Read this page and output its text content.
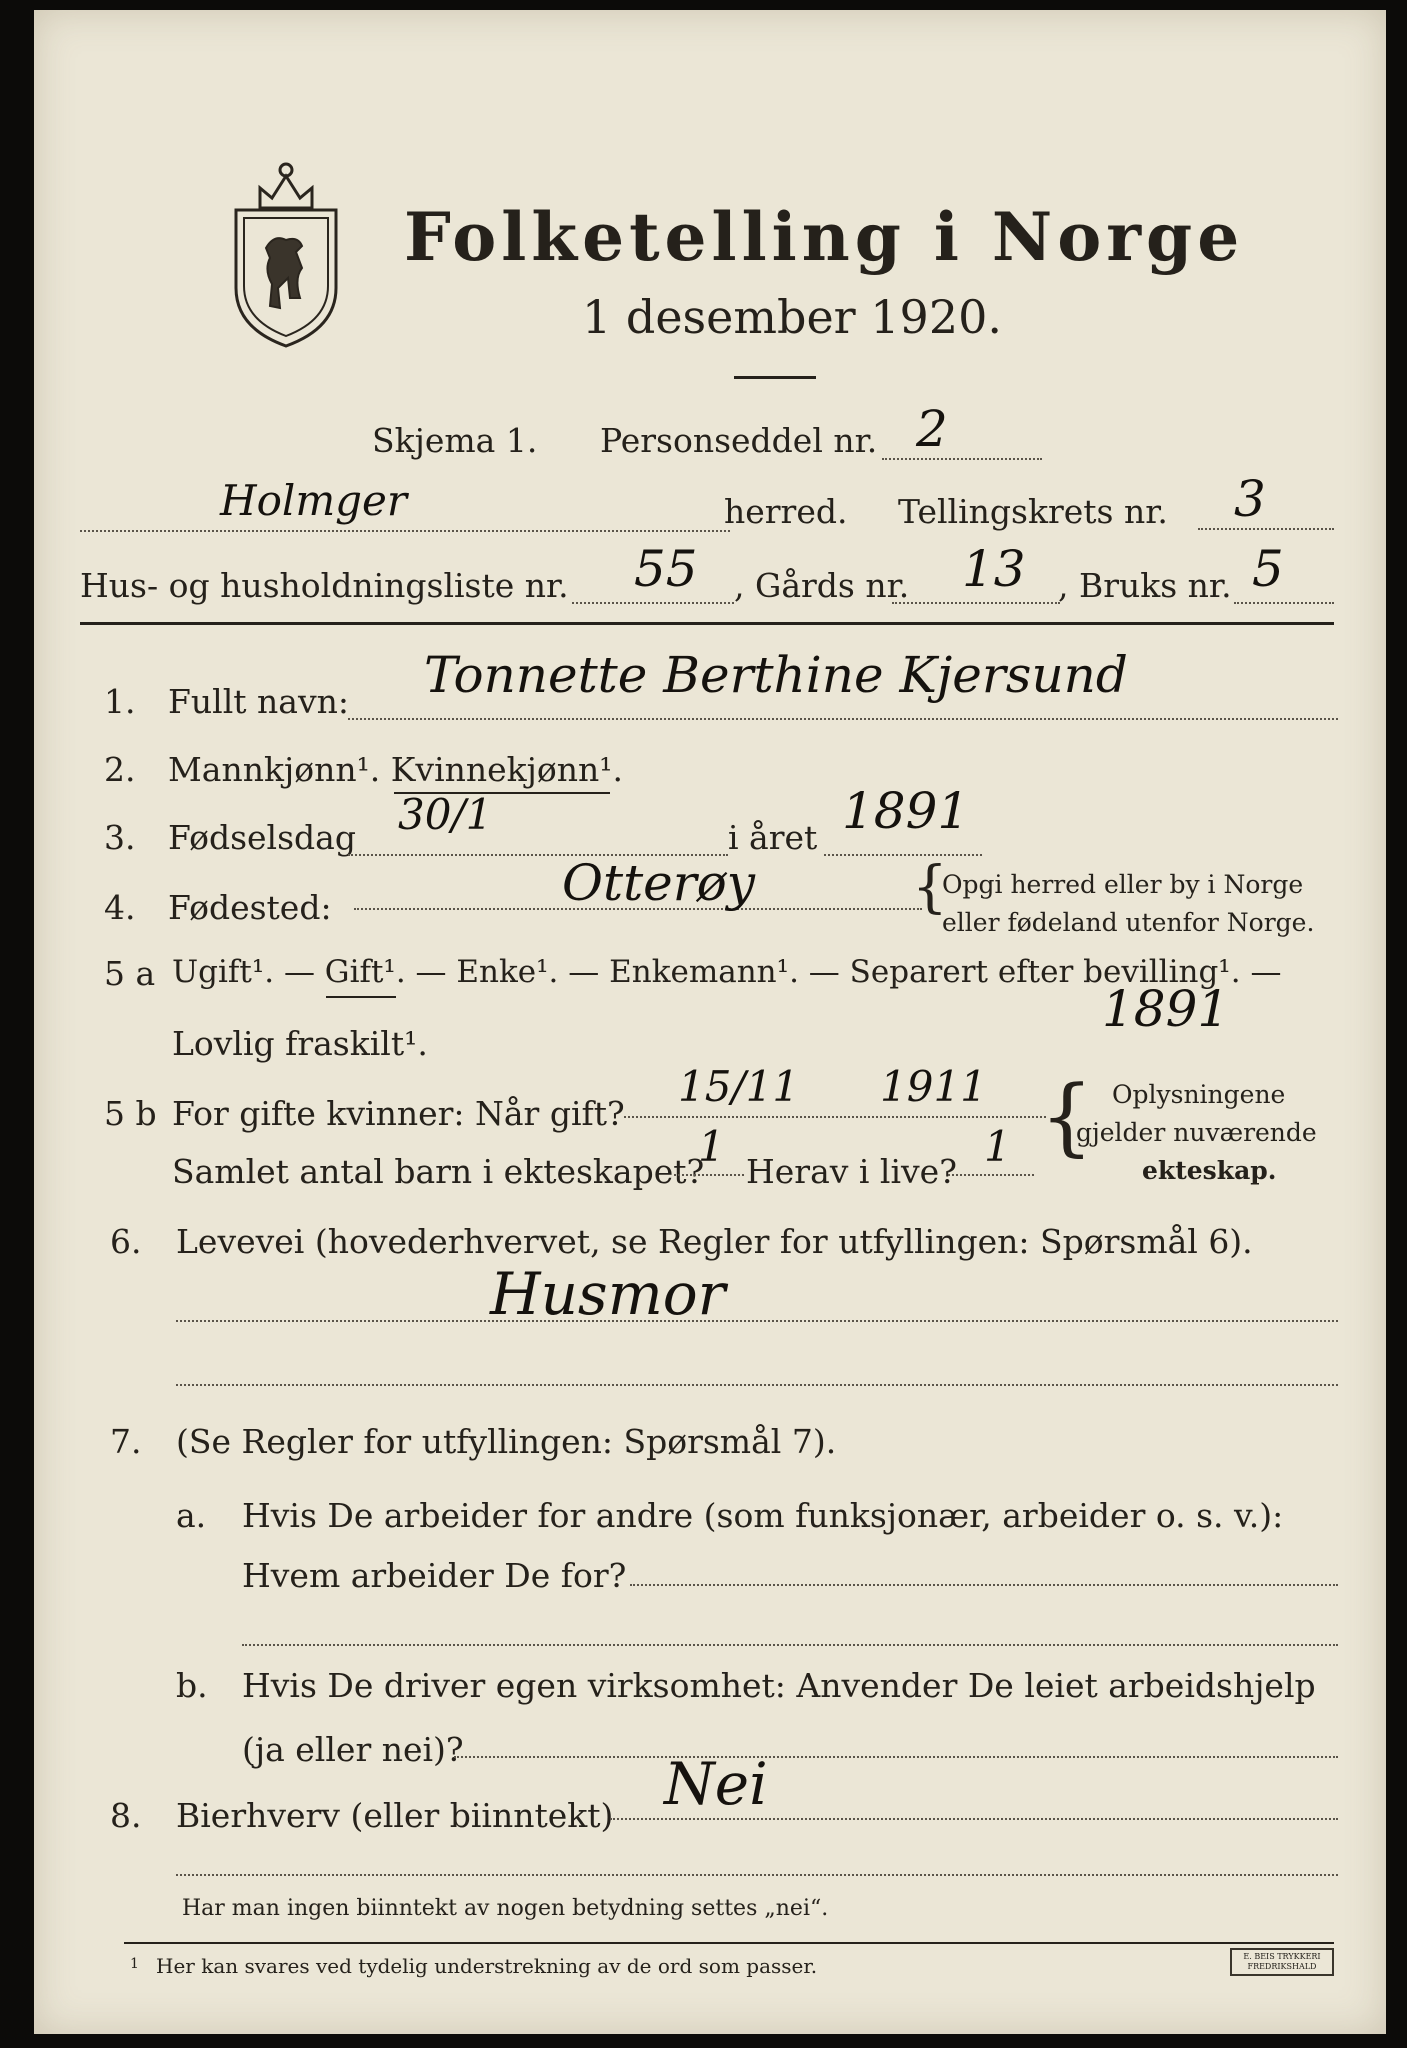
Folketelling i Norge
1 desember 1920.
Skjema 1. Personseddel nr. 2
Holmger	herred. Tellingskrets nr. 3
Hus- og husholdningsliste nr. 55 , Gårds nr. 13 , Bruks nr. 5
1. Fullt navn: Tonnette Berthine Kjersund
2. Mannkjønn¹. Kvinnekjønn¹.
3. Fødselsdag 30/1	i året 1891
4. Fødested:	Otterøy	{
Opgi herred eller by i Norge
eller fødeland utenfor Norge.
5 a Ugift¹. — Gift¹. — Enke¹. — Enkemann¹. — Separert efter bevilling¹. —
Lovlig fraskilt¹.
1891
5 b For gifte kvinner: Når gift?
15/11 1911
Samlet antal barn i ekteskapet?
1
Herav i live?
1 { Oplysningene
gjelder nuværende
ekteskap.
6. Levevei (hovederhvervet, se Regler for utfyllingen: Spørsmål 6).
Husmor
7. (Se Regler for utfyllingen: Spørsmål 7).
a. Hvis De arbeider for andre (som funksjonær, arbeider o. s. v.):
Hvem arbeider De for?
b. Hvis De driver egen virksomhet: Anvender De leiet arbeidshjelp
(ja eller nei)?
8. Bierhverv (eller biinntekt) Nei
Har man ingen biinntekt av nogen betydning settes „nei“.
1 Her kan svares ved tydelig understrekning av de ord som passer.	E. BEIS TRYKKERI
FREDRIKSHALD
